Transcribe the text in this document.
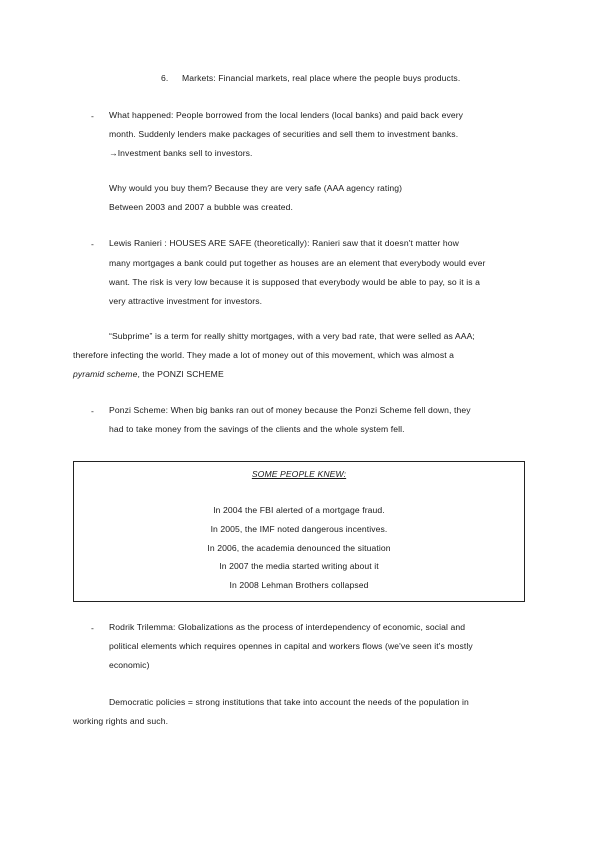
6. Markets: Financial markets, real place where the people buys products.
- What happened: People borrowed from the local lenders (local banks) and paid back every
month. Suddenly lenders make packages of securities and sell them to investment banks.
→Investment banks sell to investors.
Why would you buy them? Because they are very safe (AAA agency rating)
Between 2003 and 2007 a bubble was created.
- Lewis Ranieri : HOUSES ARE SAFE (theoretically): Ranieri saw that it doesn't matter how
many mortgages a bank could put together as houses are an element that everybody would ever
want. The risk is very low because it is supposed that everybody would be able to pay, so it is a
very attractive investment for investors.
“Subprime” is a term for really shitty mortgages, with a very bad rate, that were selled as AAA;
therefore infecting the world. They made a lot of money out of this movement, which was almost a
pyramid scheme, the PONZI SCHEME
- Ponzi Scheme: When big banks ran out of money because the Ponzi Scheme fell down, they
had to take money from the savings of the clients and the whole system fell.
SOME PEOPLE KNEW:
In 2004 the FBI alerted of a mortgage fraud.
In 2005, the IMF noted dangerous incentives.
In 2006, the academia denounced the situation
In 2007 the media started writing about it
In 2008 Lehman Brothers collapsed
- Rodrik Trilemma: Globalizations as the process of interdependency of economic, social and
political elements which requires opennes in capital and workers flows (we've seen it's mostly
economic)
Democratic policies = strong institutions that take into account the needs of the population in
working rights and such.
